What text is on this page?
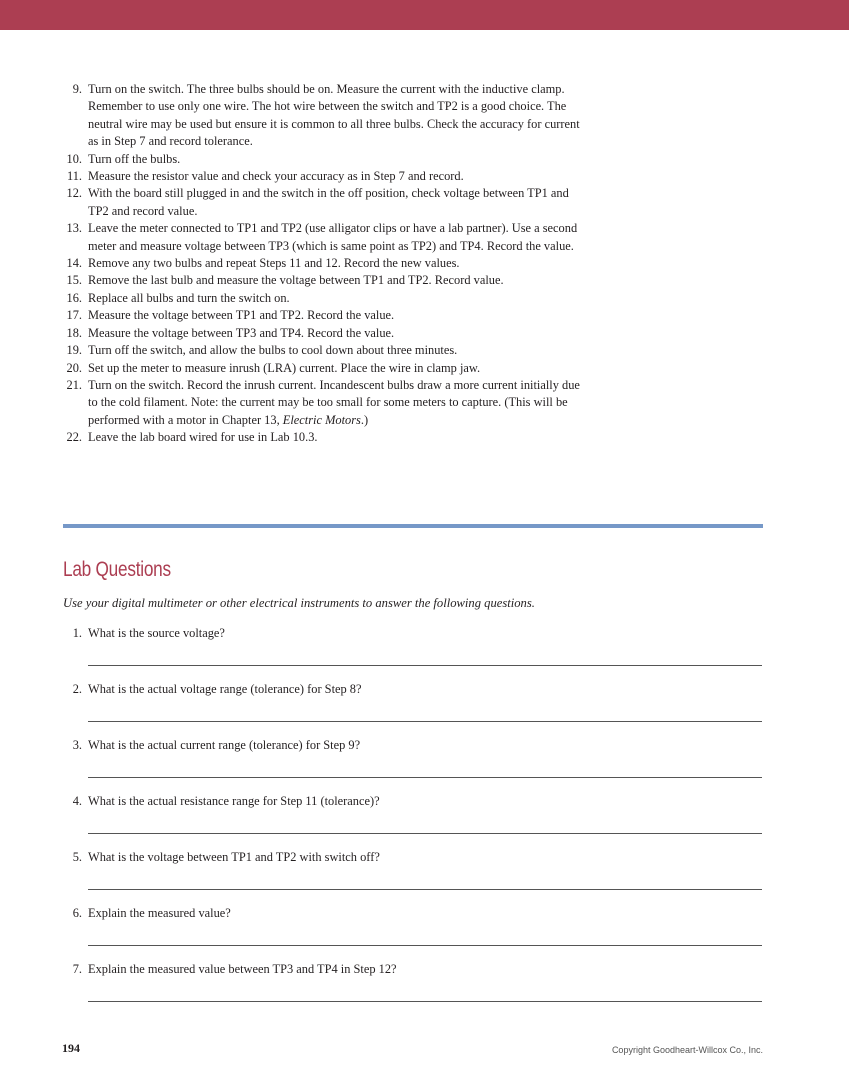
9. Turn on the switch. The three bulbs should be on. Measure the current with the inductive clamp. Remember to use only one wire. The hot wire between the switch and TP2 is a good choice. The neutral wire may be used but ensure it is common to all three bulbs. Check the accuracy for current as in Step 7 and record tolerance.
10. Turn off the bulbs.
11. Measure the resistor value and check your accuracy as in Step 7 and record.
12. With the board still plugged in and the switch in the off position, check voltage between TP1 and TP2 and record value.
13. Leave the meter connected to TP1 and TP2 (use alligator clips or have a lab partner). Use a second meter and measure voltage between TP3 (which is same point as TP2) and TP4. Record the value.
14. Remove any two bulbs and repeat Steps 11 and 12. Record the new values.
15. Remove the last bulb and measure the voltage between TP1 and TP2. Record value.
16. Replace all bulbs and turn the switch on.
17. Measure the voltage between TP1 and TP2. Record the value.
18. Measure the voltage between TP3 and TP4. Record the value.
19. Turn off the switch, and allow the bulbs to cool down about three minutes.
20. Set up the meter to measure inrush (LRA) current. Place the wire in clamp jaw.
21. Turn on the switch. Record the inrush current. Incandescent bulbs draw a more current initially due to the cold filament. Note: the current may be too small for some meters to capture. (This will be performed with a motor in Chapter 13, Electric Motors.)
22. Leave the lab board wired for use in Lab 10.3.
Lab Questions
Use your digital multimeter or other electrical instruments to answer the following questions.
1. What is the source voltage?
2. What is the actual voltage range (tolerance) for Step 8?
3. What is the actual current range (tolerance) for Step 9?
4. What is the actual resistance range for Step 11 (tolerance)?
5. What is the voltage between TP1 and TP2 with switch off?
6. Explain the measured value?
7. Explain the measured value between TP3 and TP4 in Step 12?
194	Copyright Goodheart-Willcox Co., Inc.
